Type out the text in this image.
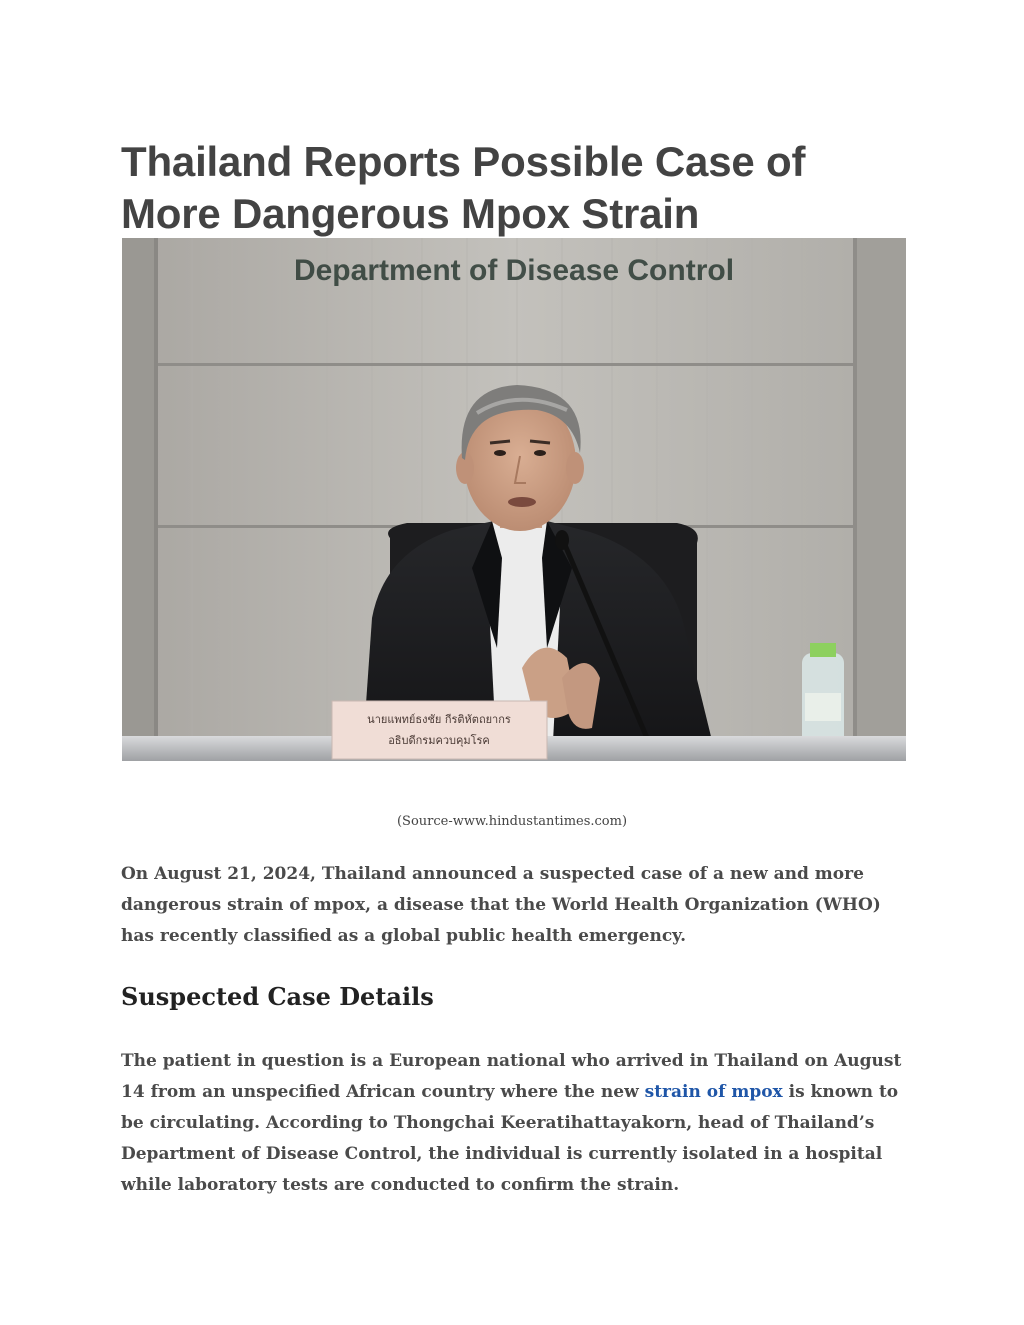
Thailand Reports Possible Case of More Dangerous Mpox Strain
Department of Disease Control
นายแพทย์ธงชัย กีรติหัตถยากร
อธิบดีกรมควบคุมโรค

(Source-www.hindustantimes.com)

On August 21, 2024, Thailand announced a suspected case of a new and more dangerous strain of mpox, a disease that the World Health Organization (WHO) has recently classified as a global public health emergency.

Suspected Case Details

The patient in question is a European national who arrived in Thailand on August 14 from an unspecified African country where the new strain of mpox is known to be circulating. According to Thongchai Keeratihattayakorn, head of Thailand’s Department of Disease Control, the individual is currently isolated in a hospital while laboratory tests are conducted to confirm the strain.
